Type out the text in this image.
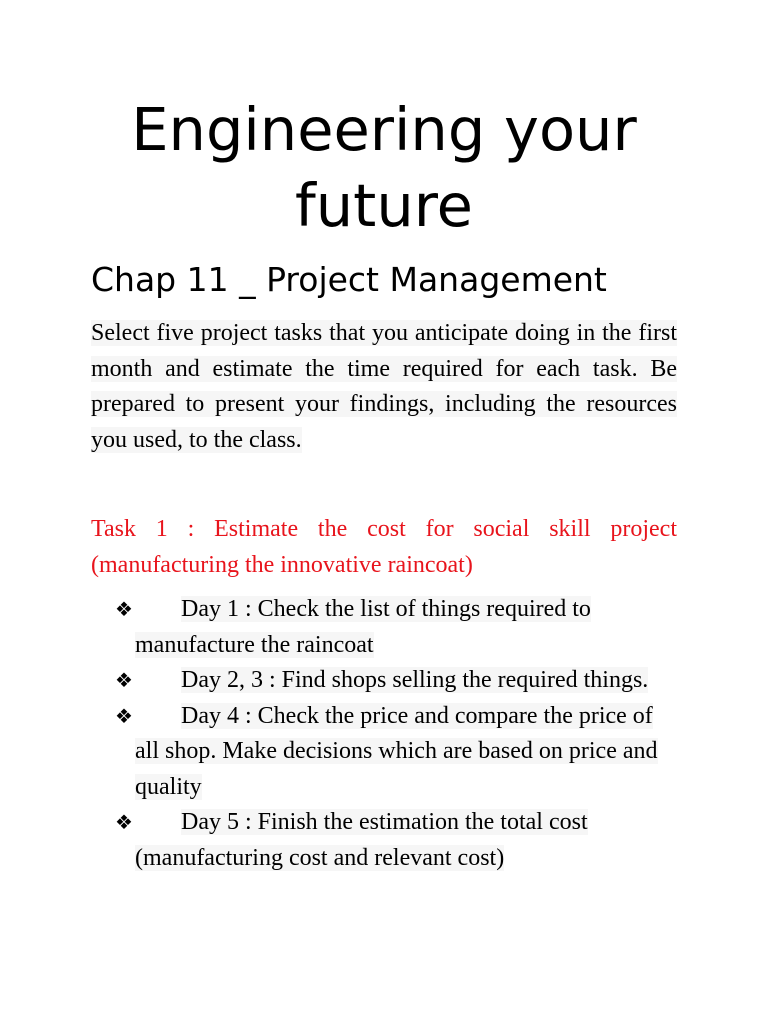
Engineering your future
Chap 11 _ Project Management

Select five project tasks that you anticipate doing in the first month and estimate the time required for each task. Be prepared to present your findings, including the resources you used, to the class.

Task 1 : Estimate the cost for social skill project (manufacturing the innovative raincoat)

❖	Day 1 : Check the list of things required to manufacture the raincoat
❖	Day 2, 3 : Find shops selling the required things.
❖	Day 4 : Check the price and compare the price of all shop. Make decisions which are based on price and quality
❖	Day 5 : Finish the estimation the total cost (manufacturing cost and relevant cost)
